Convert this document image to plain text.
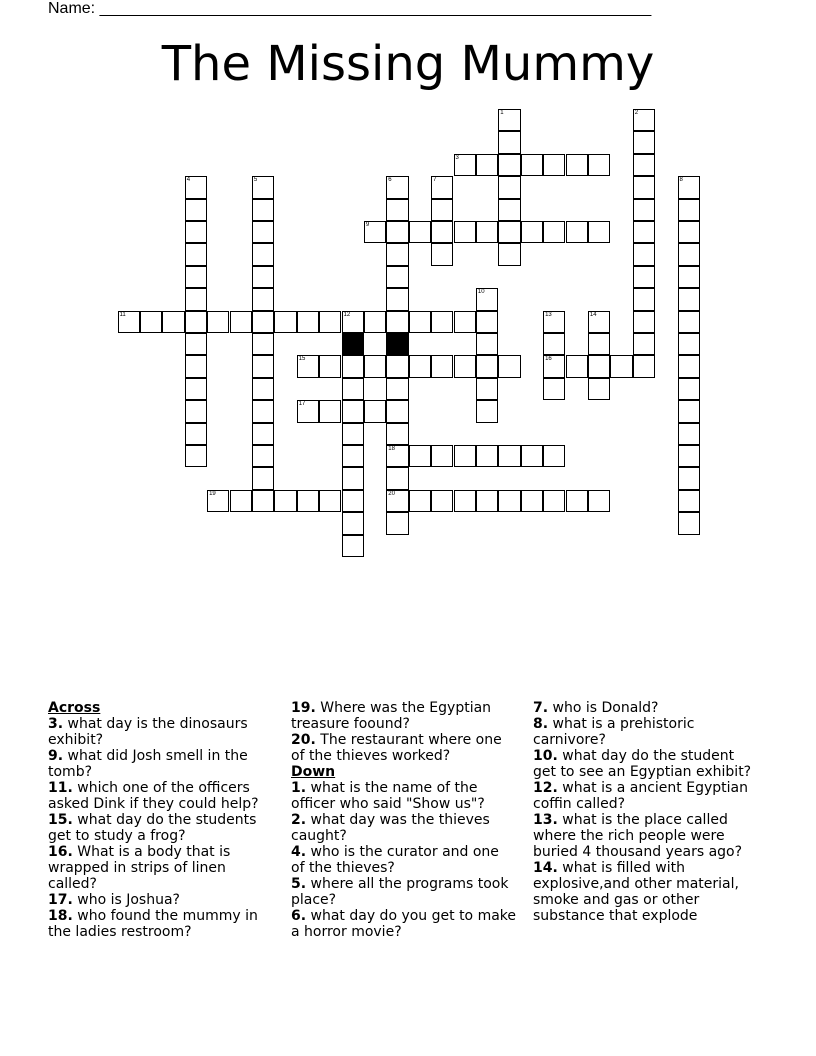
Name: ______________________________________________________________
The Missing Mummy
1	2
3
4	5	6
18
20
7	8
9
10
11	12	13
16
14
15
17
19
Across
3. what day is the dinosaurs exhibit?
9. what did Josh smell in the tomb?
11. which one of the officers asked Dink if they could help?
15. what day do the students get to study a frog?
16. What is a body that is wrapped in strips of linen called?
17. who is Joshua?
18. who found the mummy in the ladies restroom?
19. Where was the Egyptian treasure foound?
20. The restaurant where one of the thieves worked?
Down
1. what is the name of the officer who said "Show us"?
2. what day was the thieves caught?
4. who is the curator and one of the thieves?
5. where all the programs took place?
6. what day do you get to make a horror movie?
7. who is Donald?
8. what is a prehistoric carnivore?
10. what day do the student get to see an Egyptian exhibit?
12. what is a ancient Egyptian coffin called?
13. what is the place called where the rich people were buried 4 thousand years ago?
14. what is filled with explosive,and other material, smoke and gas or other substance that explode
